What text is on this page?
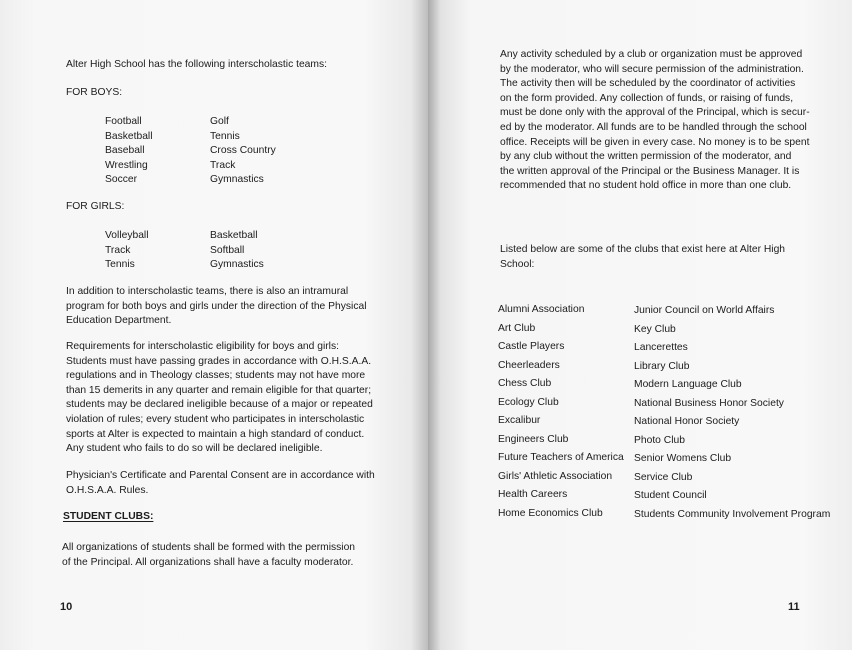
Alter High School has the following interscholastic teams:
FOR BOYS:
Football
Basketball
Baseball
Wrestling
Soccer
Golf
Tennis
Cross Country
Track
Gymnastics
FOR GIRLS:
Volleyball
Track
Tennis
Basketball
Softball
Gymnastics
In addition to interscholastic teams, there is also an intramural
program for both boys and girls under the direction of the Physical
Education Department.
Requirements for interscholastic eligibility for boys and girls:
Students must have passing grades in accordance with O.H.S.A.A.
regulations and in Theology classes; students may not have more
than 15 demerits in any quarter and remain eligible for that quarter;
students may be declared ineligible because of a major or repeated
violation of rules; every student who participates in interscholastic
sports at Alter is expected to maintain a high standard of conduct.
Any student who fails to do so will be declared ineligible.
Physician's Certificate and Parental Consent are in accordance with
O.H.S.A.A. Rules.
STUDENT CLUBS:
All organizations of students shall be formed with the permission
of the Principal. All organizations shall have a faculty moderator.
10
Any activity scheduled by a club or organization must be approved
by the moderator, who will secure permission of the administration.
The activity then will be scheduled by the coordinator of activities
on the form provided. Any collection of funds, or raising of funds,
must be done only with the approval of the Principal, which is secur-
ed by the moderator. All funds are to be handled through the school
office. Receipts will be given in every case. No money is to be spent
by any club without the written permission of the moderator, and
the written approval of the Principal or the Business Manager. It is
recommended that no student hold office in more than one club.
Listed below are some of the clubs that exist here at Alter High
School:
Alumni Association
Art Club
Castle Players
Cheerleaders
Chess Club
Ecology Club
Excalibur
Engineers Club
Future Teachers of America
Girls' Athletic Association
Health Careers
Home Economics Club
Junior Council on World Affairs
Key Club
Lancerettes
Library Club
Modern Language Club
National Business Honor Society
National Honor Society
Photo Club
Senior Womens Club
Service Club
Student Council
Students Community Involvement Program
11
